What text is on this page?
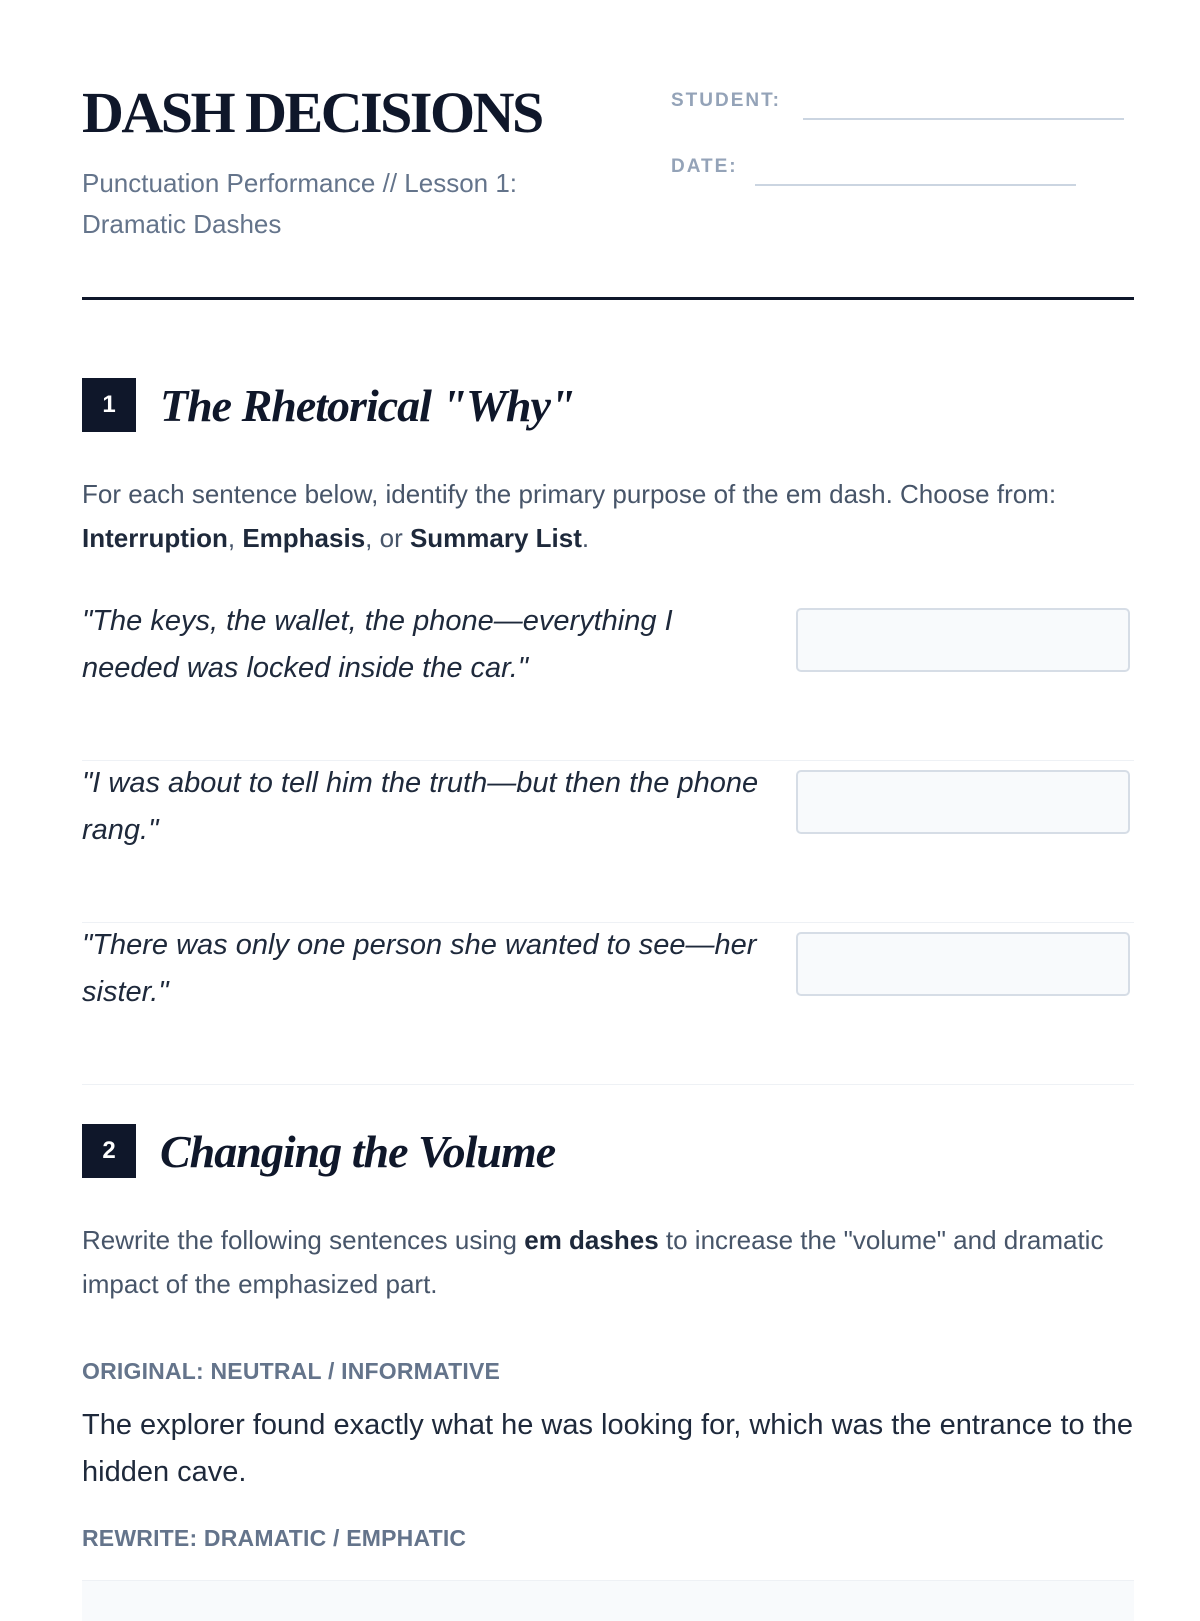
DASH DECISIONS

Punctuation Performance // Lesson 1: Dramatic Dashes

STUDENT:
DATE:
1 The Rhetorical "Why"

For each sentence below, identify the primary purpose of the em dash. Choose from: Interruption, Emphasis, or Summary List.

"The keys, the wallet, the phone—everything I needed was locked inside the car."

"I was about to tell him the truth—but then the phone rang."

"There was only one person she wanted to see—her sister."

2 Changing the Volume

Rewrite the following sentences using em dashes to increase the "volume" and dramatic impact of the emphasized part.

ORIGINAL: NEUTRAL / INFORMATIVE

The explorer found exactly what he was looking for, which was the entrance to the hidden cave.

REWRITE: DRAMATIC / EMPHATIC
